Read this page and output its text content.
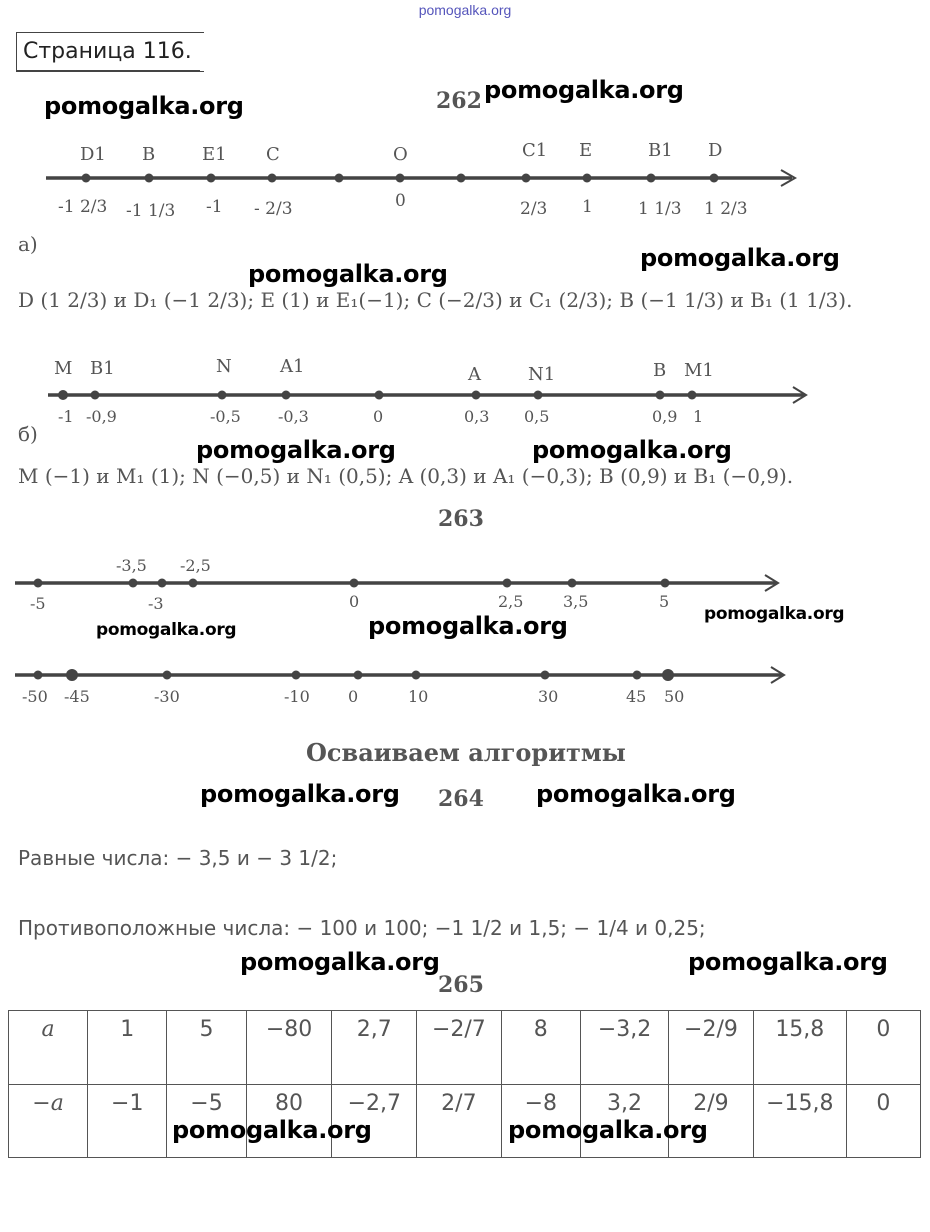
pomogalka.org
Страница 116.
pomogalka.org	262 pomogalka.org
D1 B	E1 C	O	C1 E	B1 D
-1 2/3 -1 1/3 -1 - 2/3	0	2/3 1	1 1/3 1 2/3
а)	pomogalka.org
pomogalka.org
D (1 2/3) и D₁ (−1 2/3); E (1) и E₁(−1); C (−2/3) и C₁ (2/3); B (−1 1/3) и B₁ (1 1/3).
M B1	N	A1	A	N1	B M1
-1 -0,9	-0,5 -0,3	0	0,3 0,5	0,9 1
б)
pomogalka.org	pomogalka.org
M (−1) и M₁ (1); N (−0,5) и N₁ (0,5); A (0,3) и A₁ (−0,3); B (0,9) и B₁ (−0,9).
263
-3,5 -2,5
-5	-3	0	2,5 3,5	5
pomogalka.org	pomogalka.org	pomogalka.org
-50 -45	-30	-10 0	10	30	45 50
Осваиваем алгоритмы
pomogalka.org 264 pomogalka.org
Равные числа: − 3,5 и − 3 1/2;
Противоположные числа: − 100 и 100; −1 1/2 и 1,5; − 1/4 и 0,25;
pomogalka.org
265
pomogalka.org
a	1	5	−80	2,7	−2/7	8	−3,2	−2/9	15,8	0
−a	−1	−5	80	−2,7	2/7	−8	3,2	2/9	−15,8	0
pomogalka.org	pomogalka.org
